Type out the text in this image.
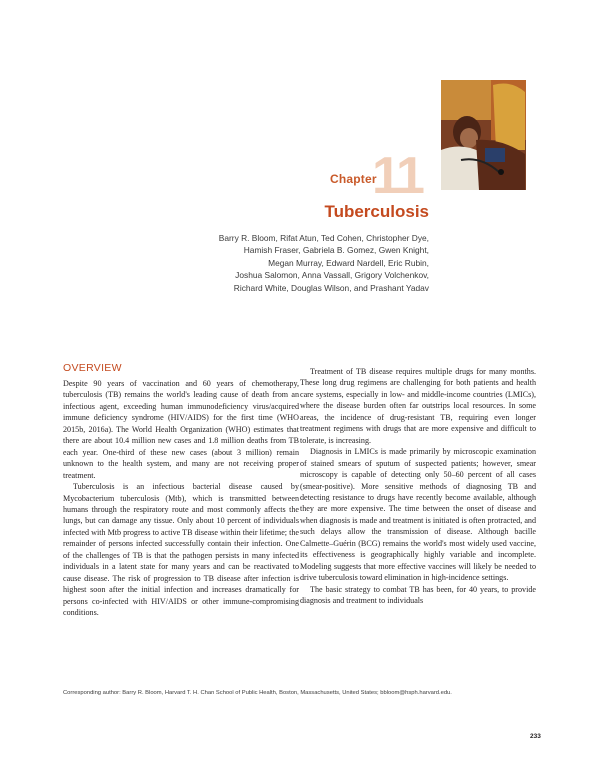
Chapter
11
Tuberculosis
Barry R. Bloom, Rifat Atun, Ted Cohen, Christopher Dye,
Hamish Fraser, Gabriela B. Gomez, Gwen Knight,
Megan Murray, Edward Nardell, Eric Rubin,
Joshua Salomon, Anna Vassall, Grigory Volchenkov,
Richard White, Douglas Wilson, and Prashant Yadav
OVERVIEW

Despite 90 years of vaccination and 60 years of chemotherapy, tuberculosis (TB) remains the world's leading cause of death from an infectious agent, exceeding human immunodeficiency virus/acquired immune deficiency syndrome (HIV/AIDS) for the first time (WHO 2015b, 2016a). The World Health Organization (WHO) estimates that there are about 10.4 million new cases and 1.8 million deaths from TB each year. One-third of these new cases (about 3 million) remain unknown to the health system, and many are not receiving proper treatment.

Tuberculosis is an infectious bacterial disease caused by Mycobacterium tuberculosis (Mtb), which is transmitted between humans through the respiratory route and most commonly affects the lungs, but can damage any tissue. Only about 10 percent of individuals infected with Mtb progress to active TB disease within their lifetime; the remainder of persons infected successfully contain their infection. One of the challenges of TB is that the pathogen persists in many infected individuals in a latent state for many years and can be reactivated to cause disease. The risk of progression to TB disease after infection is highest soon after the initial infection and increases dramatically for persons co-infected with HIV/AIDS or other immune-compromising conditions.

Treatment of TB disease requires multiple drugs for many months. These long drug regimens are challenging for both patients and health care systems, especially in low- and middle-income countries (LMICs), where the disease burden often far outstrips local resources. In some areas, the incidence of drug-resistant TB, requiring even longer treatment regimens with drugs that are more expensive and difficult to tolerate, is increasing.

Diagnosis in LMICs is made primarily by microscopic examination of stained smears of sputum of suspected patients; however, smear microscopy is capable of detecting only 50–60 percent of all cases (smear-positive). More sensitive methods of diagnosing TB and detecting resistance to drugs have recently become available, although they are more expensive. The time between the onset of disease and when diagnosis is made and treatment is initiated is often protracted, and such delays allow the transmission of disease. Although bacille Calmette–Guérin (BCG) remains the world's most widely used vaccine, its effectiveness is geographically highly variable and incomplete. Modeling suggests that more effective vaccines will likely be needed to drive tuberculosis toward elimination in high-incidence settings.

The basic strategy to combat TB has been, for 40 years, to provide diagnosis and treatment to individuals

Corresponding author: Barry R. Bloom, Harvard T. H. Chan School of Public Health, Boston, Massachusetts, United States; bbloom@hsph.harvard.edu.
233
